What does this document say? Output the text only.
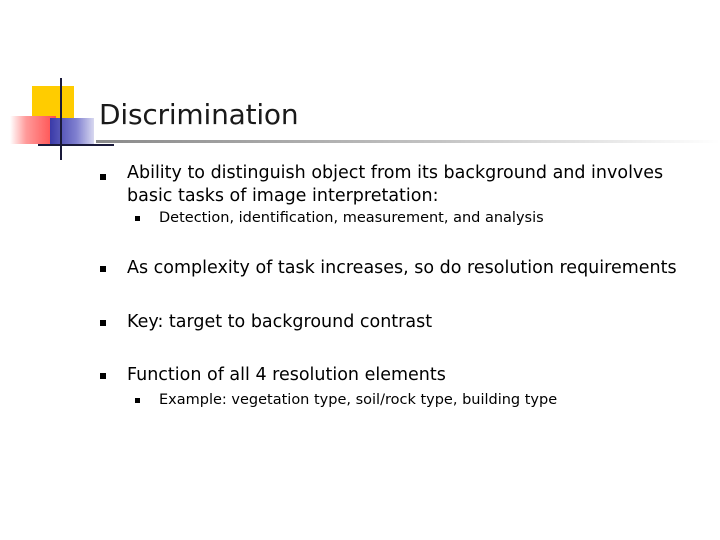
Discrimination
Ability to distinguish object from its background and involves
basic tasks of image interpretation:
Detection, identification, measurement, and analysis
As complexity of task increases, so do resolution requirements
Key: target to background contrast
Function of all 4 resolution elements
Example: vegetation type, soil/rock type, building type
